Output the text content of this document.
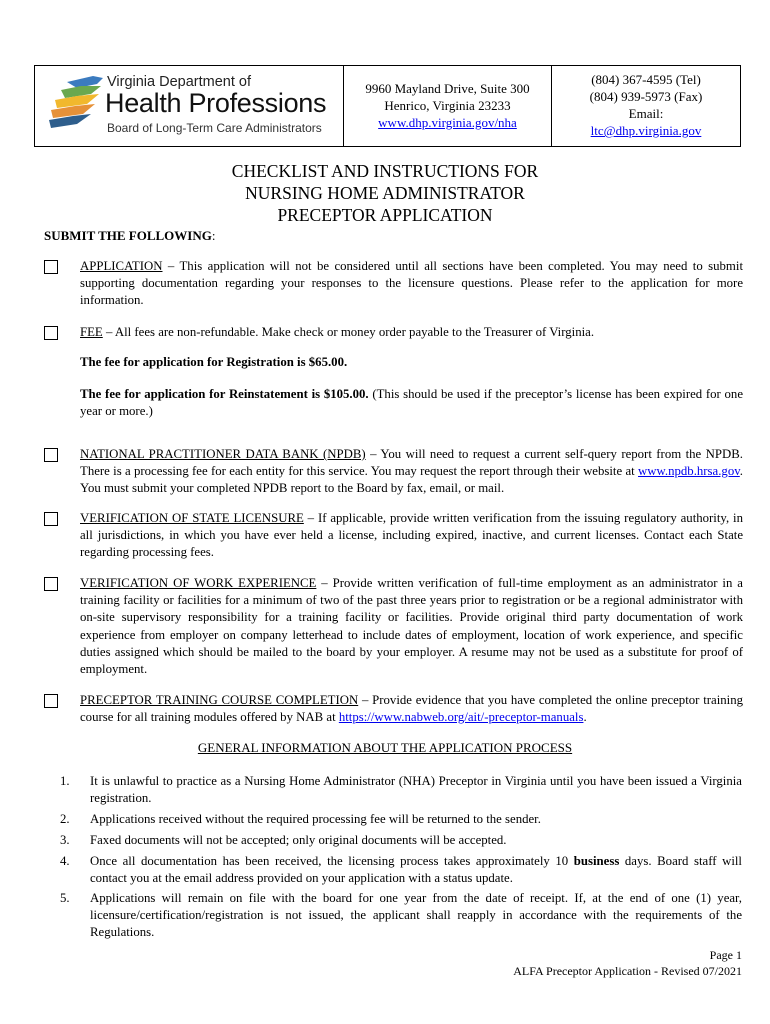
Virginia Department of
Health Professions
Board of Long-Term Care Administrators
9960 Mayland Drive, Suite 300
Henrico, Virginia 23233
www.dhp.virginia.gov/nha
(804) 367-4595 (Tel)
(804) 939-5973 (Fax)
Email:
ltc@dhp.virginia.gov
CHECKLIST AND INSTRUCTIONS FOR
NURSING HOME ADMINISTRATOR
PRECEPTOR APPLICATION
SUBMIT THE FOLLOWING:
APPLICATION – This application will not be considered until all sections have been completed. You may need to submit supporting documentation regarding your responses to the licensure questions. Please refer to the application for more information.
FEE – All fees are non-refundable. Make check or money order payable to the Treasurer of Virginia.
The fee for application for Registration is $65.00.
The fee for application for Reinstatement is $105.00. (This should be used if the preceptor’s license has been expired for one year or more.)
NATIONAL PRACTITIONER DATA BANK (NPDB) – You will need to request a current self-query report from the NPDB. There is a processing fee for each entity for this service. You may request the report through their website at www.npdb.hrsa.gov. You must submit your completed NPDB report to the Board by fax, email, or mail.
VERIFICATION OF STATE LICENSURE – If applicable, provide written verification from the issuing regulatory authority, in all jurisdictions, in which you have ever held a license, including expired, inactive, and current licenses. Contact each State regarding processing fees.
VERIFICATION OF WORK EXPERIENCE – Provide written verification of full-time employment as an administrator in a training facility or facilities for a minimum of two of the past three years prior to registration or be a regional administrator with on-site supervisory responsibility for a training facility or facilities. Provide original third party documentation of work experience from employer on company letterhead to include dates of employment, location of work experience, and specific duties assigned which should be mailed to the board by your employer. A resume may not be used as a substitute for proof of employment.
PRECEPTOR TRAINING COURSE COMPLETION – Provide evidence that you have completed the online preceptor training course for all training modules offered by NAB at https://www.nabweb.org/ait/-preceptor-manuals.
GENERAL INFORMATION ABOUT THE APPLICATION PROCESS
1.	It is unlawful to practice as a Nursing Home Administrator (NHA) Preceptor in Virginia until you have been issued a Virginia registration.
2.	Applications received without the required processing fee will be returned to the sender.
3.	Faxed documents will not be accepted; only original documents will be accepted.
4.	Once all documentation has been received, the licensing process takes approximately 10 business days. Board staff will contact you at the email address provided on your application with a status update.
5.	Applications will remain on file with the board for one year from the date of receipt. If, at the end of one (1) year, licensure/certification/registration is not issued, the applicant shall reapply in accordance with the requirements of the Regulations.
Page 1
ALFA Preceptor Application - Revised 07/2021
